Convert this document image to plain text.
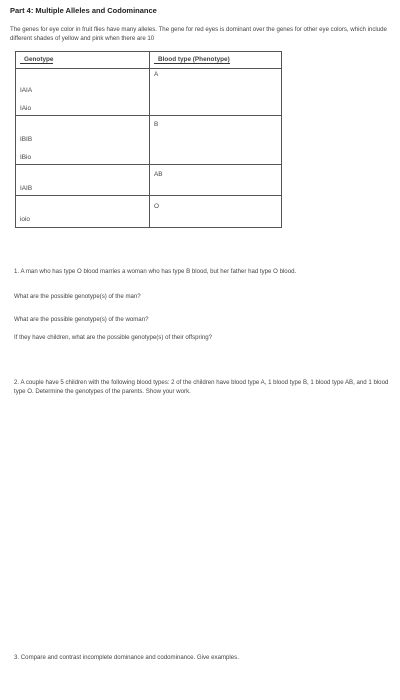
Part 4: Multiple Alleles and Codominance
The genes for eye color in fruit flies have many alleles. The gene for red eyes is dominant over the genes for other eye colors, which include different shades of yellow and pink when there are 10
Genotype	Blood type (Phenotype)

IAIA
IAio	A

IBIB
IBio	B

IAIB	AB

ioio	O
1. A man who has type O blood marries a woman who has type B blood, but her father had type O blood.
What are the possible genotype(s) of the man?
What are the possible genotype(s) of the woman?
If they have children, what are the possible genotype(s) of their offspring?
2. A couple have 5 children with the following blood types: 2 of the children have blood type A, 1 blood type B, 1 blood type AB, and 1 blood type O. Determine the genotypes of the parents. Show your work.
3. Compare and contrast incomplete dominance and codominance. Give examples.
